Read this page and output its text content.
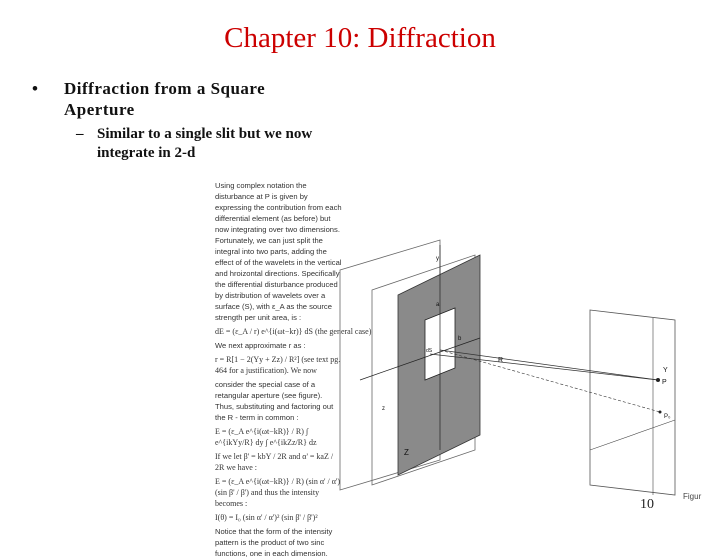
Chapter 10: Diffraction
• Diffraction from a Square Aperture
– Similar to a single slit but we now integrate in 2-d

Using complex notation the disturbance at P is given by expressing the contribution from each differential element (as before) but now integrating over two dimensions. Fortunately, we can just split the integral into two parts, adding the effect of of the wavelets in the vertical and hroizontal directions. Specifically the differential disturbance produced by distribution of wavelets over a surface (S), with ε_A as the source strength per unit area, is :

dE = (ε_A / r) e^{i(ωt−kr)} dS (the general case)

We next approximate r as :

r = R[1 − 2(Yy + Zz) / R²] (see text pg. 464 for a justification). We now

consider the special case of a retangular aperture (see figure). Thus, substituting and factoring out the R - term in common :

E = (ε_A e^{i(ωt−kR)} / R) ∫ e^{ikYy/R} dy ∫ e^{ikZz/R} dz
If we let β' = kbY / 2R and α' = kaZ / 2R we have :
E = (ε_A e^{i(ωt−kR)} / R) (sin α' / α') (sin β' / β') and thus the intensity becomes :
I(θ) = I₀ (sin α' / α')² (sin β' / β')²

Notice that the form of the intensity pattern is the product of two sinc functions, one in each dimension.

Z
Y
R
P
P₀
b
a
dS
y
z
10
Figur
